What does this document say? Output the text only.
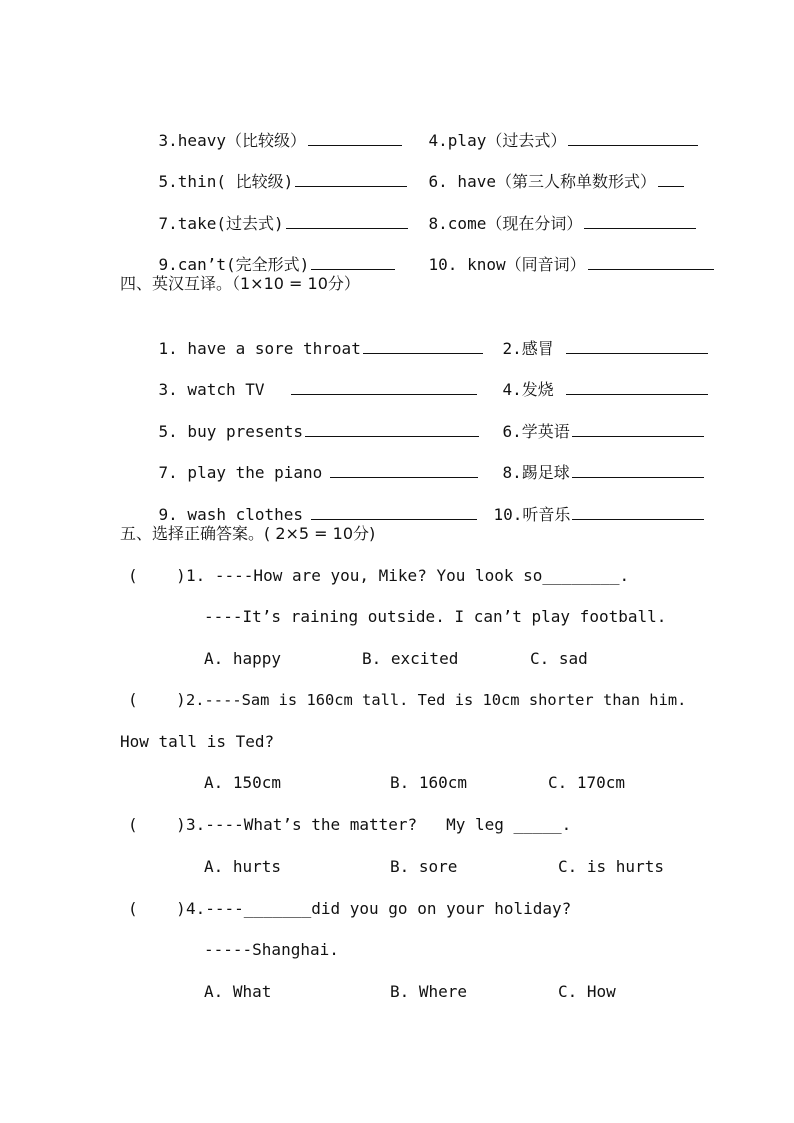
3.heavy（比较级）
	4.play（过去式）

5.thin( 比较级)
	6. have（第三人称单数形式）

7.take(过去式)
	8.come（现在分词）

9.can’t(完全形式)
	10. know（同音词）

四、英汉互译。（1×10 = 10分）

1. have a sore throat
	2.感冒

3. watch TV
	4.发烧

5. buy presents
	6.学英语

7. play the piano
	8.踢足球

9. wash clothes
	10.听音乐

五、选择正确答案。( 2×5 = 10分)
(    ) 1. ----How are you, Mike? You look so________.
----It’s raining outside. I can’t play football.
A. happy	B. excited	C. sad
(    ) 2.----Sam is 160cm tall. Ted is 10cm shorter than him.
How tall is Ted?
A. 150cm	B. 160cm	C. 170cm
(    ) 3.----What’s the matter?   My leg _____.
A. hurts	B. sore	C. is hurts
(    ) 4.----_______did you go on your holiday?
-----Shanghai.
A. What	B. Where	C. How
